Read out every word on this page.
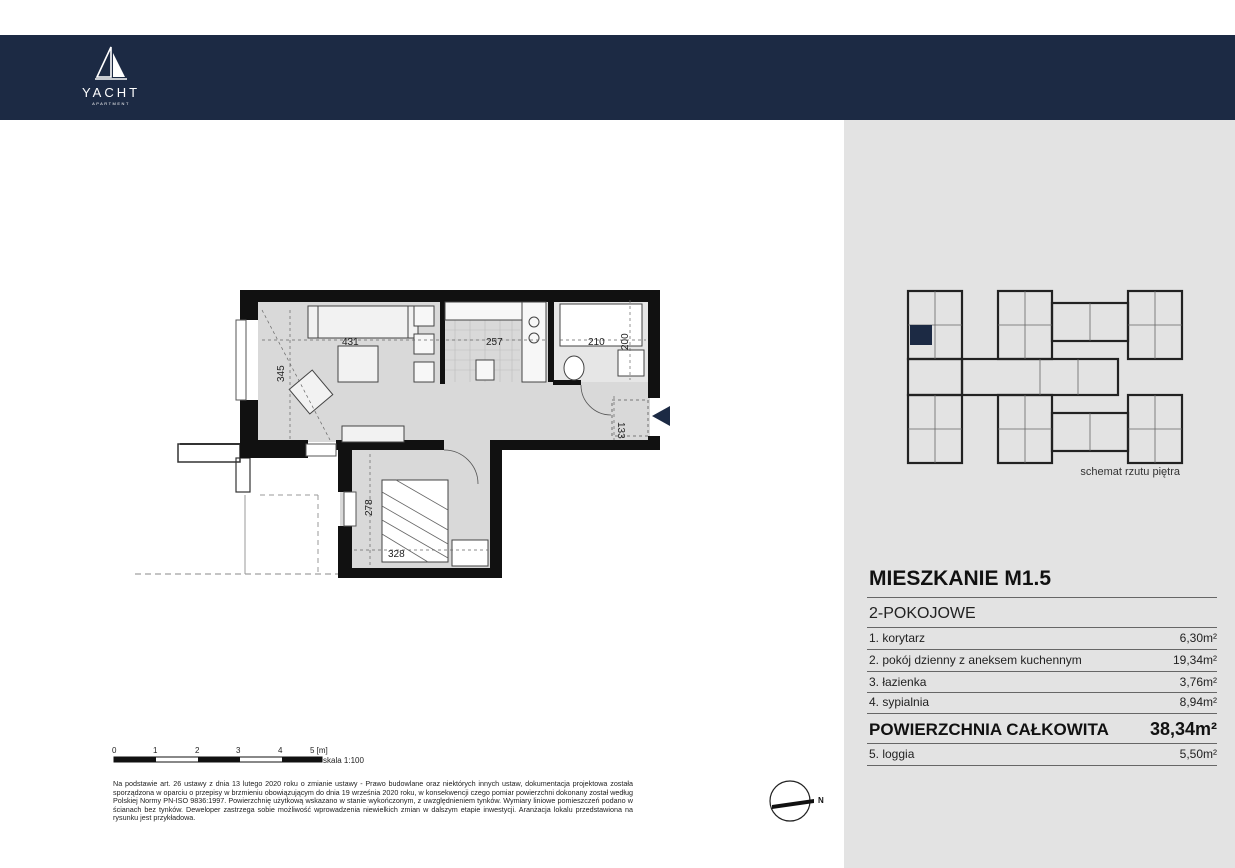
YACHT
APARTMENT
431
345
257	210 200
133
278
328
schemat rzutu piętra
MIESZKANIE M1.5
2-POKOJOWE
1. korytarz	6,30m²
2. pokój dzienny z aneksem kuchennym	19,34m²
3. łazienka	3,76m²
4. sypialnia	8,94m²
POWIERZCHNIA CAŁKOWITA 38,34m²
5. loggia	5,50m²
0	1	2	3	4	5 [m]
skala 1:100
Na podstawie art. 26 ustawy z dnia 13 lutego 2020 roku o zmianie ustawy - Prawo budowlane oraz niektórych innych ustaw, dokumentacja projektowa została sporządzona w oparciu o przepisy w brzmieniu obowiązującym do dnia 19 września 2020 roku, w konsekwencji czego pomiar powierzchni dokonany został według Polskiej Normy PN-ISO 9836:1997. Powierzchnię użytkową wskazano w stanie wykończonym, z uwzględnieniem tynków. Wymiary liniowe pomieszczeń podano w ścianach bez tynków. Deweloper zastrzega sobie możliwość wprowadzenia niewielkich zmian w dalszym etapie inwestycji. Aranżacja lokalu przedstawiona na rysunku jest przykładowa.
N
